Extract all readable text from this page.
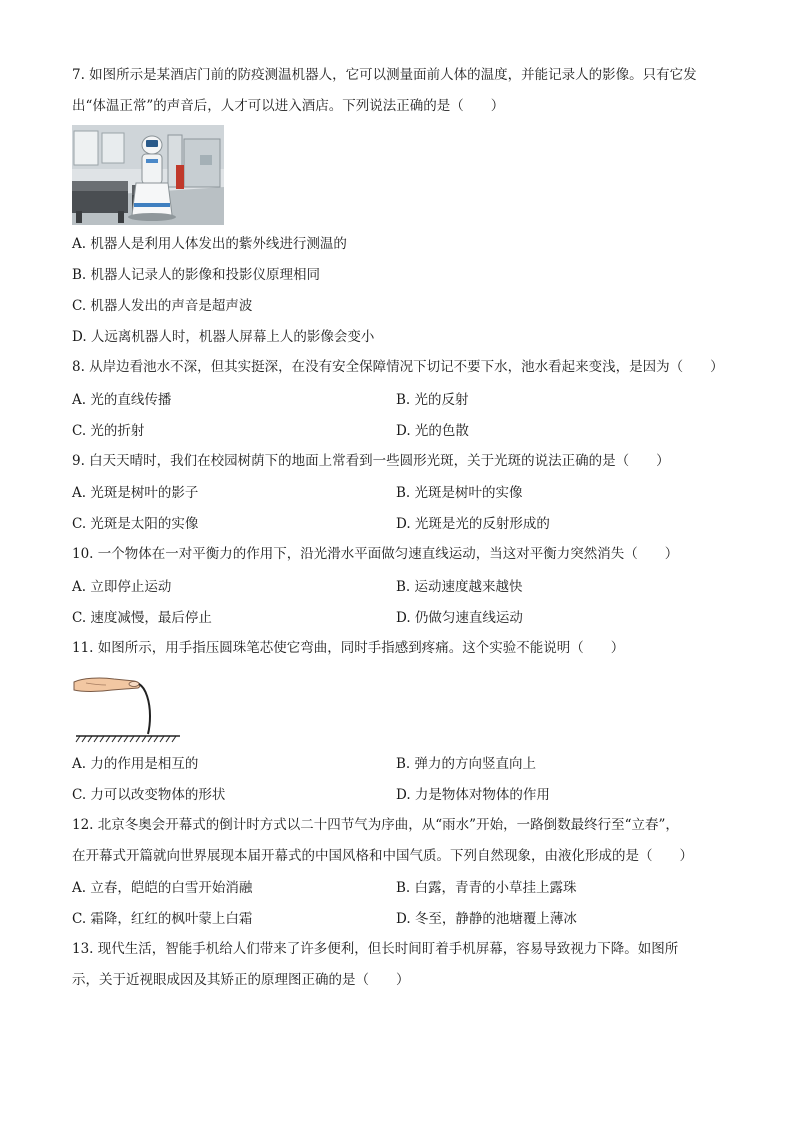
7. 如图所示是某酒店门前的防疫测温机器人，它可以测量面前人体的温度，并能记录人的影像。只有它发

出“体温正常”的声音后，人才可以进入酒店。下列说法正确的是（　　）

A. 机器人是利用人体发出的紫外线进行测温的
B. 机器人记录人的影像和投影仪原理相同
C. 机器人发出的声音是超声波
D. 人远离机器人时，机器人屏幕上人的影像会变小

8. 从岸边看池水不深，但其实挺深，在没有安全保障情况下切记不要下水，池水看起来变浅，是因为（　　）

A. 光的直线传播	B. 光的反射
C. 光的折射	D. 光的色散

9. 白天天晴时，我们在校园树荫下的地面上常看到一些圆形光斑，关于光斑的说法正确的是（　　）

A. 光斑是树叶的影子	B. 光斑是树叶的实像
C. 光斑是太阳的实像	D. 光斑是光的反射形成的

10. 一个物体在一对平衡力的作用下，沿光滑水平面做匀速直线运动，当这对平衡力突然消失（　　）

A. 立即停止运动	B. 运动速度越来越快
C. 速度减慢，最后停止	D. 仍做匀速直线运动

11. 如图所示，用手指压圆珠笔芯使它弯曲，同时手指感到疼痛。这个实验不能说明（　　）

A. 力的作用是相互的	B. 弹力的方向竖直向上
C. 力可以改变物体的形状	D. 力是物体对物体的作用

12. 北京冬奥会开幕式的倒计时方式以二十四节气为序曲，从“雨水”开始，一路倒数最终行至“立春”，

在开幕式开篇就向世界展现本届开幕式的中国风格和中国气质。下列自然现象，由液化形成的是（　　）

A. 立春，皑皑的白雪开始消融	B. 白露，青青的小草挂上露珠
C. 霜降，红红的枫叶蒙上白霜	D. 冬至，静静的池塘覆上薄冰

13. 现代生活，智能手机给人们带来了许多便利，但长时间盯着手机屏幕，容易导致视力下降。如图所

示，关于近视眼成因及其矫正的原理图正确的是（　　）
